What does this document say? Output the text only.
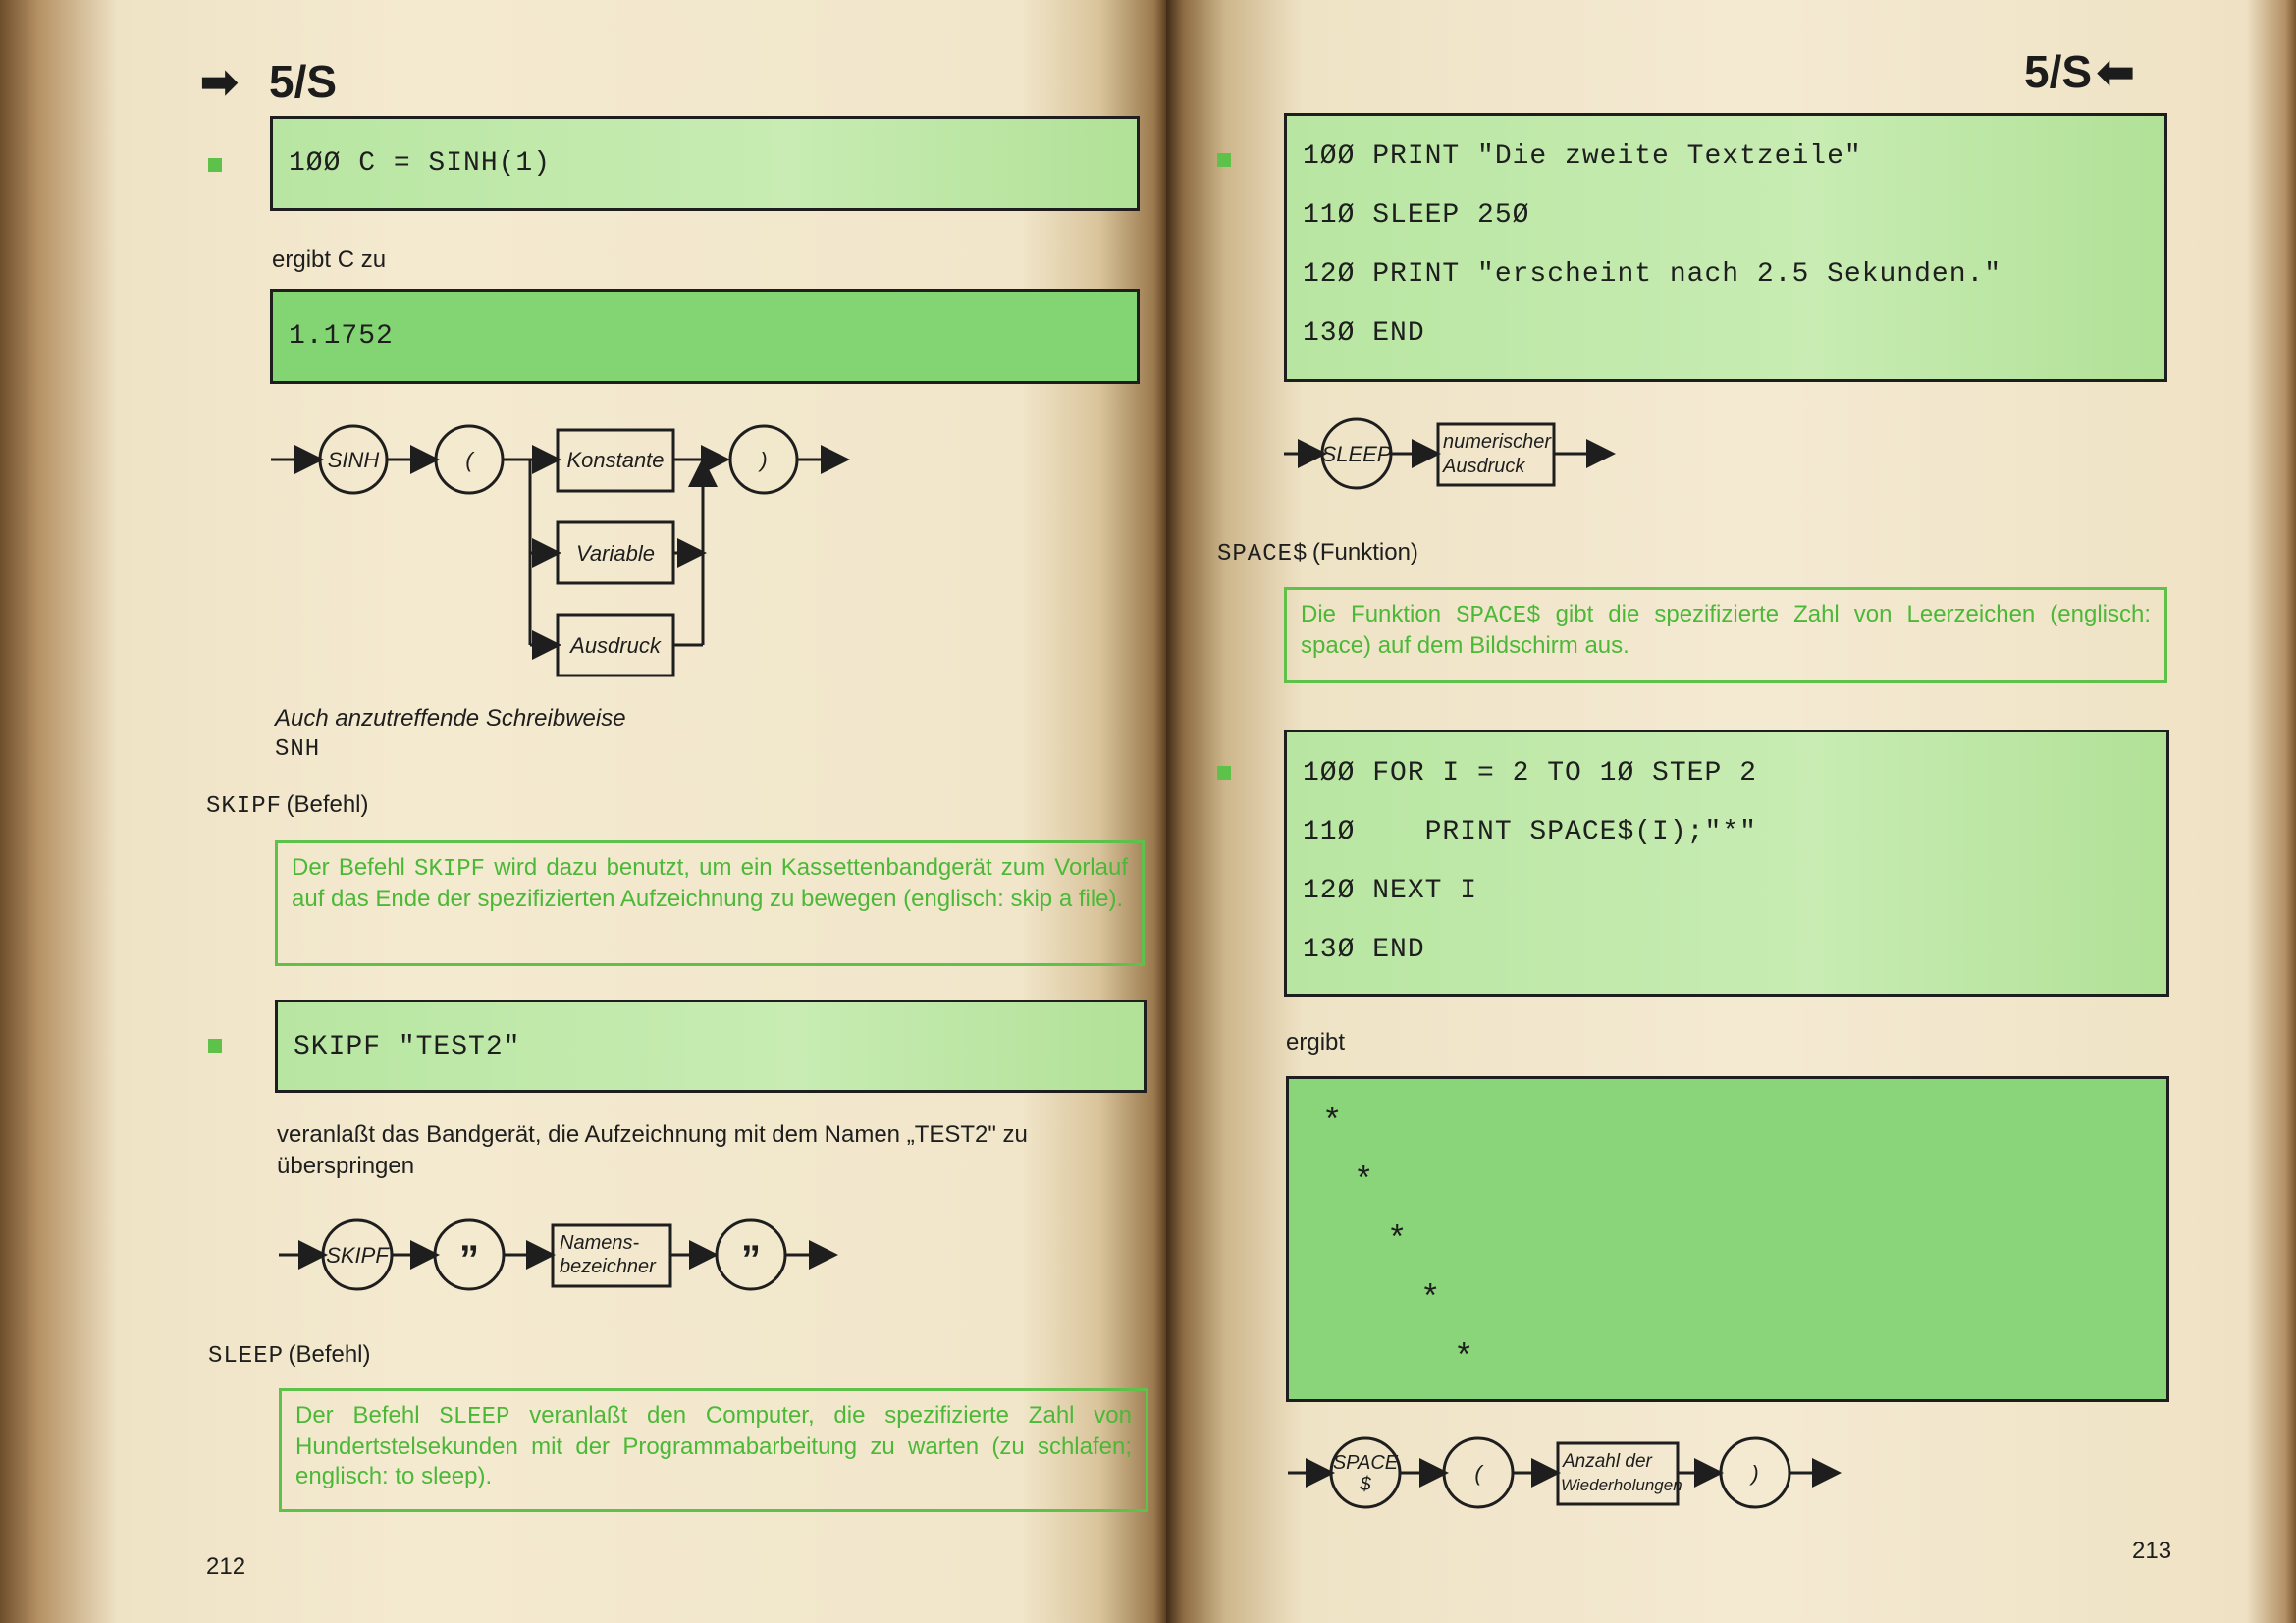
➡ 5/S
1ØØ C = SINH(1)
ergibt C zu
1.1752
SINH	(	Konstante
Variable
Ausdruck
)
Auch anzutreffende Schreibweise
SNH
SKIPF (Befehl)
Der Befehl SKIPF wird dazu benutzt, um ein Kassettenbandgerät zum Vorlauf auf das Ende der spezifizierten Aufzeichnung zu bewegen (englisch: skip a file).
SKIPF "TEST2"
veranlaßt das Bandgerät, die Aufzeichnung mit dem Namen „TEST2" zu überspringen
SKIPF ”	Namens-
bezeichner ”
SLEEP (Befehl)
Der Befehl SLEEP veranlaßt den Computer, die spezifizierte Zahl von Hundertstelsekunden mit der Programmabarbeitung zu warten (zu schlafen; englisch: to sleep).
212
5/S ➡
1ØØ PRINT "Die zweite Textzeile"
11Ø SLEEP 25Ø
12Ø PRINT "erscheint nach 2.5 Sekunden."
13Ø END
SLEEP	numerischer
Ausdruck
SPACE$ (Funktion)
Die Funktion SPACE$ gibt die spezifizierte Zahl von Leerzeichen (englisch: space) auf dem Bildschirm aus.
1ØØ FOR I = 2 TO 1Ø STEP 2
11Ø    PRINT SPACE$(I);"*"
12Ø NEXT I
13Ø END
ergibt
*
*
*
*
*
SPACE
$	(	Anzahl der
Wiederholungen	)
213
